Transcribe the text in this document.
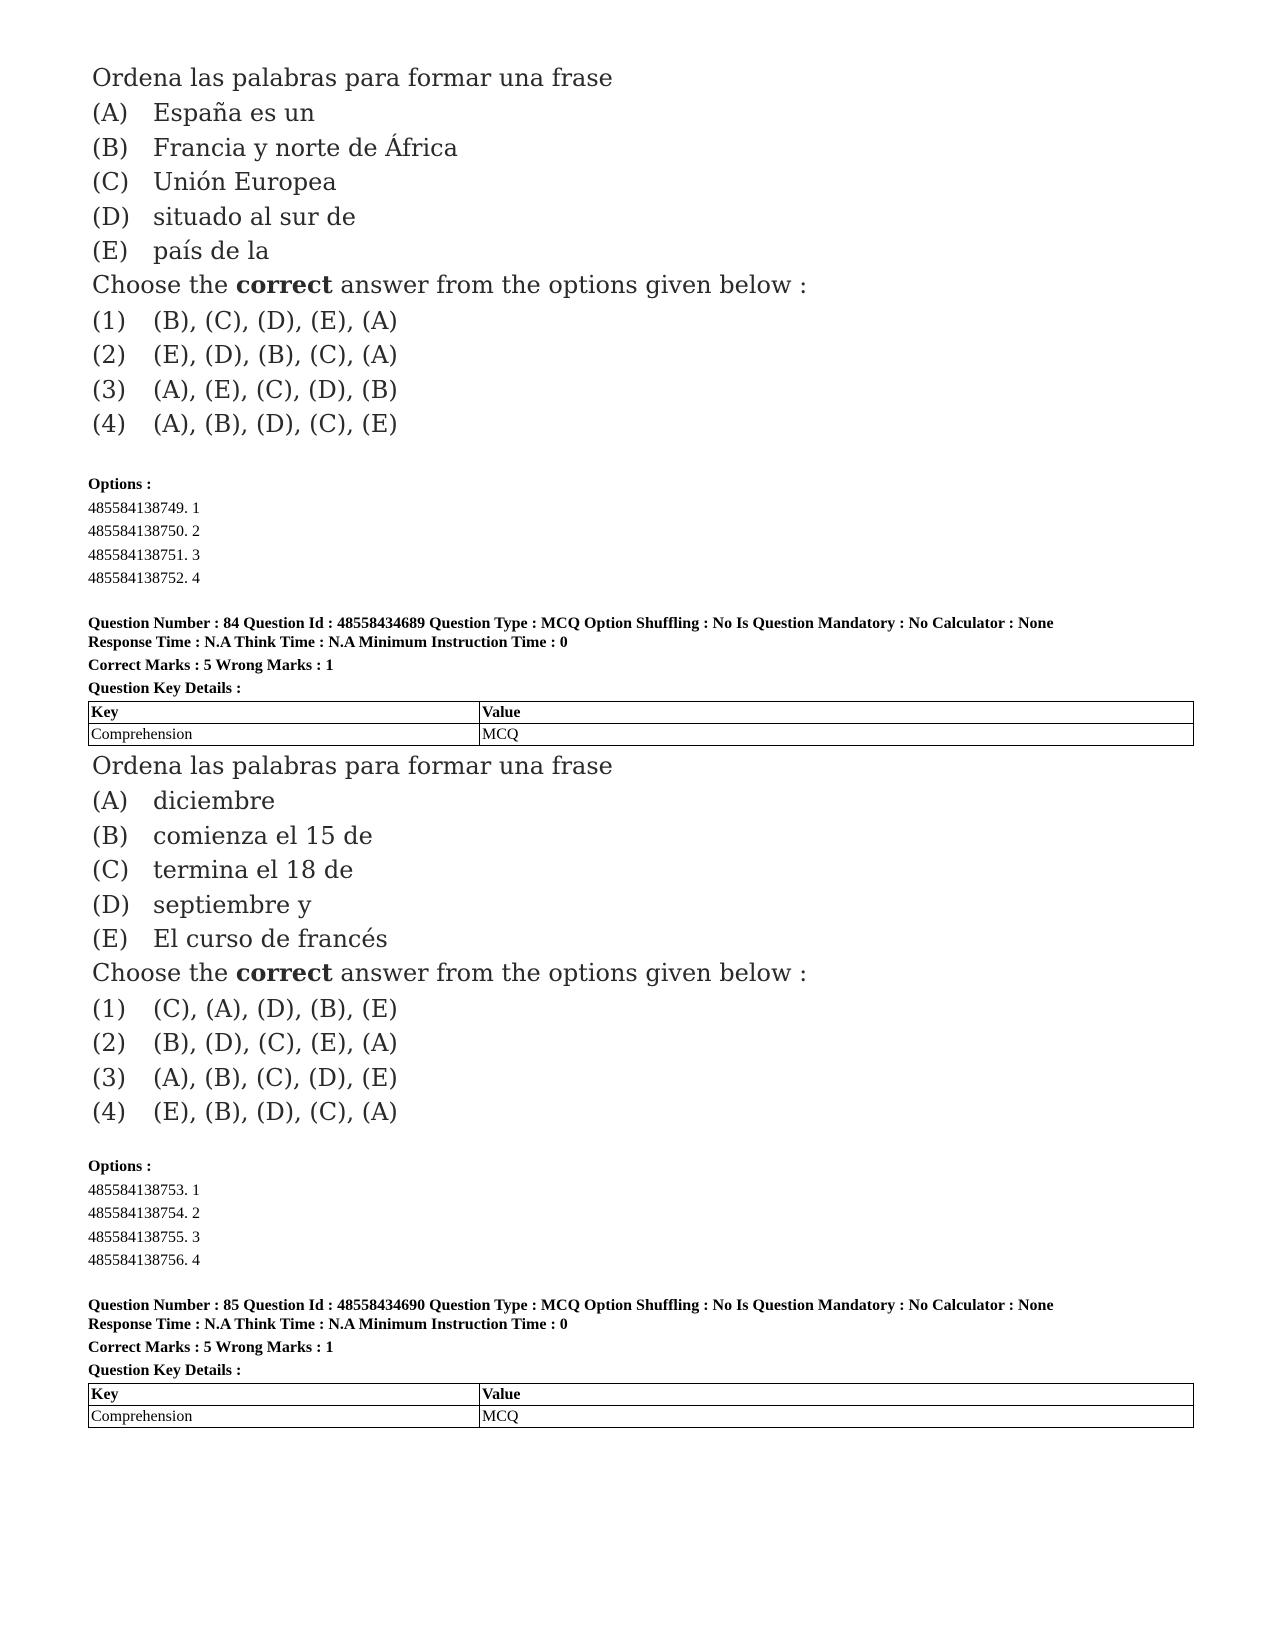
Ordena las palabras para formar una frase
(A)	España es un
(B)	Francia y norte de África
(C) Unión Europea
(D) situado al sur de
(E)	país de la
Choose the correct answer from the options given below :
(1)	(B), (C), (D), (E), (A)
(2)	(E), (D), (B), (C), (A)
(3)	(A), (E), (C), (D), (B)
(4)	(A), (B), (D), (C), (E)
Options :
485584138749. 1
485584138750. 2
485584138751. 3
485584138752. 4
Question Number : 84 Question Id : 48558434689 Question Type : MCQ Option Shuffling : No Is Question Mandatory : No Calculator : None
Response Time : N.A Think Time : N.A Minimum Instruction Time : 0
Correct Marks : 5 Wrong Marks : 1
Question Key Details :
Key	Value
Comprehension	MCQ
Ordena las palabras para formar una frase
(A)	diciembre
(B)	comienza el 15 de
(C) termina el 18 de
(D) septiembre y
(E)	El curso de francés
Choose the correct answer from the options given below :
(1)	(C), (A), (D), (B), (E)
(2)	(B), (D), (C), (E), (A)
(3)	(A), (B), (C), (D), (E)
(4)	(E), (B), (D), (C), (A)
Options :
485584138753. 1
485584138754. 2
485584138755. 3
485584138756. 4
Question Number : 85 Question Id : 48558434690 Question Type : MCQ Option Shuffling : No Is Question Mandatory : No Calculator : None
Response Time : N.A Think Time : N.A Minimum Instruction Time : 0
Correct Marks : 5 Wrong Marks : 1
Question Key Details :
Key	Value
Comprehension	MCQ
